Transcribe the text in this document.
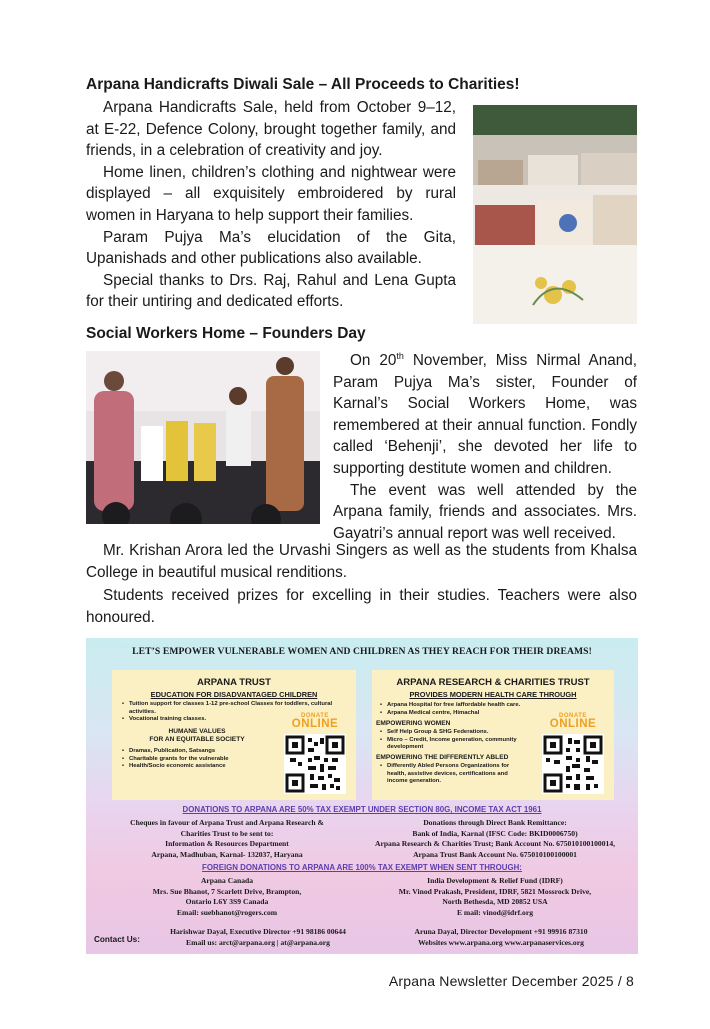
Arpana Handicrafts Diwali Sale – All Proceeds to Charities!

Arpana Handicrafts Sale, held from October 9–12, at E-22, Defence Colony, brought together family, and friends, in a celebration of creativity and joy.

Home linen, children’s clothing and nightwear were displayed – all exquisitely embroidered by rural women in Haryana to help support their families.

Param Pujya Ma’s elucidation of the Gita, Upanishads and other publications also available.

Special thanks to Drs. Raj, Rahul and Lena Gupta for their untiring and dedicated efforts.

Social Workers Home – Founders Day

On 20th November, Miss Nirmal Anand, Param Pujya Ma’s sister, Founder of Karnal’s Social Workers Home, was remembered at their annual function. Fondly called ‘Behenji’, she devoted her life to supporting destitute women and children.

The event was well attended by the Arpana family, friends and associates. Mrs. Gayatri’s annual report was well received.

Mr. Krishan Arora led the Urvashi Singers as well as the students from Khalsa College in beautiful musical renditions.

Students received prizes for excelling in their studies. Teachers were also honoured.

LET’S EMPOWER VULNERABLE WOMEN AND CHILDREN AS THEY REACH FOR THEIR DREAMS!
ARPANA TRUST
EDUCATION FOR DISADVANTAGED CHILDREN
• Tuition support for classes 1-12 pre-school Classes for toddlers, cultural activities.
• Vocational training classes.
HUMANE VALUES
FOR AN EQUITABLE SOCIETY
• Dramas, Publication, Satsangs
• Charitable grants for the vulnerable
• Health/Socio economic assistance
DONATE
ONLINE
ARPANA RESEARCH & CHARITIES TRUST
PROVIDES MODERN HEALTH CARE THROUGH
• Arpana Hospital for free /affordable health care.
• Arpana Medical centre, Himachal
EMPOWERING WOMEN
• Self Help Group & SHG Federations.
• Micro – Credit, Income generation, community development
EMPOWERING THE DIFFERENTLY ABLED
• Differently Abled Persons Organizations for health, assistive devices, certifications and income generation.
DONATE
ONLINE
DONATIONS TO ARPANA ARE 50% TAX EXEMPT UNDER SECTION 80G, INCOME TAX ACT 1961
Cheques in favour of Arpana Trust and Arpana Research &
Charities Trust to be sent to:
Information & Resources Department
Arpana, Madhuban, Karnal- 132037, Haryana
Donations through Direct Bank Remittance:
Bank of India, Karnal (IFSC Code: BKID0006750)
Arpana Research & Charities Trust; Bank Account No. 675010100100014,
Arpana Trust Bank Account No. 675010100100001
FOREIGN DONATIONS TO ARPANA ARE 100% TAX EXEMPT WHEN SENT THROUGH:
Arpana Canada
Mrs. Sue Bhanot, 7 Scarlett Drive, Brampton,
Ontario L6Y 3S9 Canada
Email: suebhanot@rogers.com
India Development & Relief Fund (IDRF)
Mr. Vinod Prakash, President, IDRF, 5821 Mossrock Drive,
North Bethesda, MD 20852 USA
E mail: vinod@idrf.org
Contact Us:
Harishwar Dayal, Executive Director +91 98186 00644
Email us: arct@arpana.org | at@arpana.org
Aruna Dayal, Director Development +91 99916 87310
Websites www.arpana.org www.arpanaservices.org
Arpana Newsletter December 2025 / 8
